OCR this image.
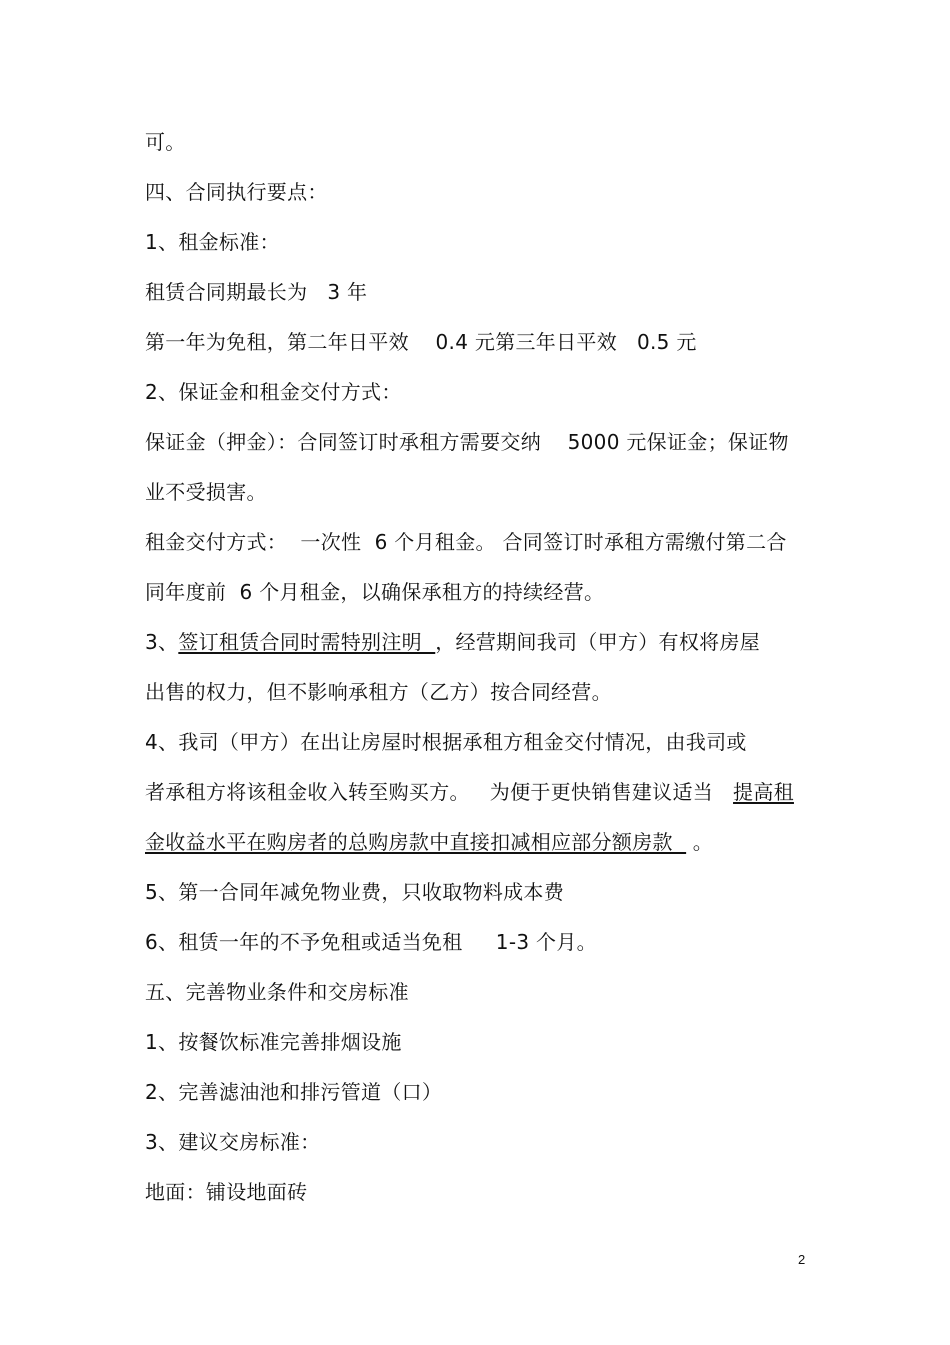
可。
四、合同执行要点：
1、租金标准：
租赁合同期最长为   3 年
第一年为免租，第二年日平效    0.4 元第三年日平效   0.5 元
2、保证金和租金交付方式：
保证金（押金）：合同签订时承租方需要交纳    5000 元保证金；保证物
业不受损害。
租金交付方式：  一次性  6 个月租金。 合同签订时承租方需缴付第二合
同年度前  6 个月租金，以确保承租方的持续经营。
3、签订租赁合同时需特别注明  ，经营期间我司（甲方）有权将房屋
出售的权力，但不影响承租方（乙方）按合同经营。
4、我司（甲方）在出让房屋时根据承租方租金交付情况，由我司或
者承租方将该租金收入转至购买方。   为便于更快销售建议适当   提高租
金收益水平在购房者的总购房款中直接扣减相应部分额房款   。
5、第一合同年减免物业费，只收取物料成本费
6、租赁一年的不予免租或适当免租     1-3 个月。
五、完善物业条件和交房标准
1、按餐饮标准完善排烟设施
2、完善滤油池和排污管道（口）
3、建议交房标准：
地面：铺设地面砖
2
